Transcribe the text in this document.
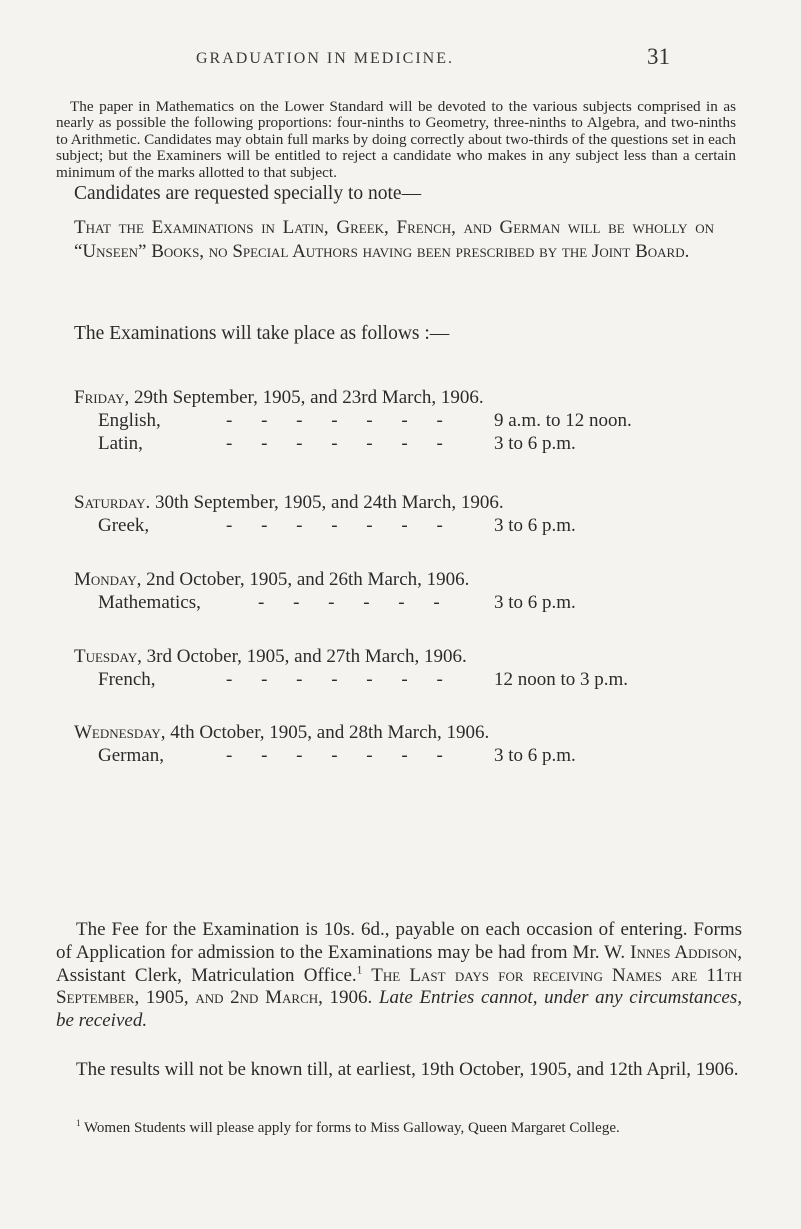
GRADUATION IN MEDICINE.	31

The paper in Mathematics on the Lower Standard will be devoted to the various subjects comprised in as nearly as possible the following proportions: four-ninths to Geometry, three-ninths to Algebra, and two-ninths to Arithmetic. Candidates may obtain full marks by doing correctly about two-thirds of the questions set in each subject; but the Examiners will be entitled to reject a candidate who makes in any subject less than a certain minimum of the marks allotted to that subject.

Candidates are requested specially to note—

That the Examinations in Latin, Greek, French, and German will be wholly on “Unseen” Books, no Special Authors having been prescribed by the Joint Board.

The Examinations will take place as follows :—
Friday, 29th September, 1905, and 23rd March, 1906.
English,	- - - - - - - 9 a.m. to 12 noon.
Latin,	- - - - - - - 3 to 6 p.m.
Saturday. 30th September, 1905, and 24th March, 1906.
Greek,	- - - - - - - 3 to 6 p.m.
Monday, 2nd October, 1905, and 26th March, 1906.
Mathematics,	- - - - - - 3 to 6 p.m.
Tuesday, 3rd October, 1905, and 27th March, 1906.
French,	- - - - - - - 12 noon to 3 p.m.
Wednesday, 4th October, 1905, and 28th March, 1906.
German,	- - - - - - - 3 to 6 p.m.

The Fee for the Examination is 10s. 6d., payable on each occasion of entering. Forms of Application for admission to the Examinations may be had from Mr. W. Innes Addison, Assistant Clerk, Matriculation Office.$^1$ The Last days for receiving Names are 11th September, 1905, and 2nd March, 1906. Late Entries cannot, under any circumstances, be received.

The results will not be known till, at earliest, 19th October, 1905, and 12th April, 1906.

$^1$ Women Students will please apply for forms to Miss Galloway, Queen Margaret College.
